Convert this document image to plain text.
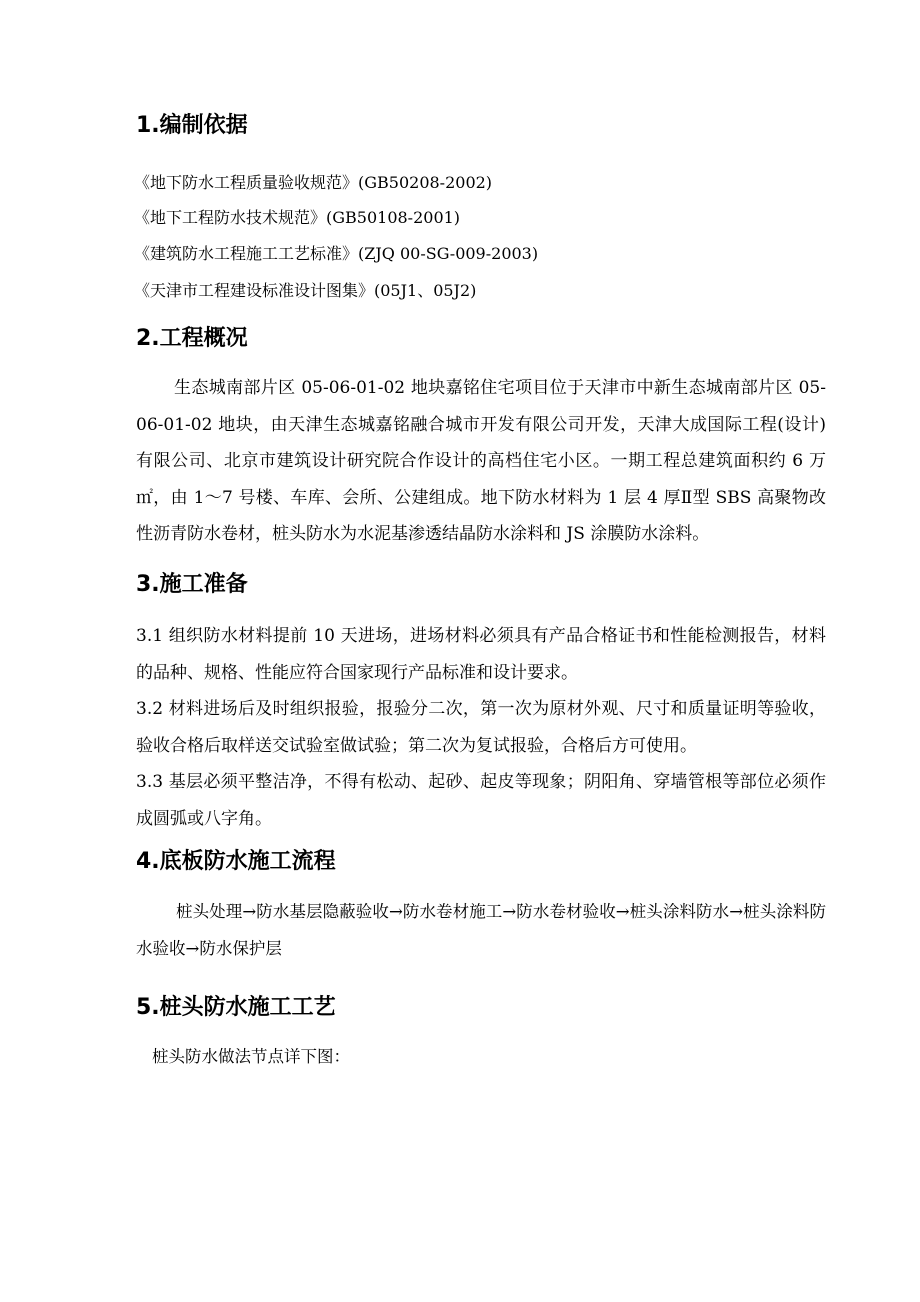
1.编制依据
《地下防水工程质量验收规范》(GB50208-2002)
《地下工程防水技术规范》(GB50108-2001)
《建筑防水工程施工工艺标准》(ZJQ 00-SG-009-2003)
《天津市工程建设标准设计图集》(05J1、05J2)
2.工程概况
生态城南部片区 05-06-01-02 地块嘉铭住宅项目位于天津市中新生态城南部片区 05-06-01-02 地块，由天津生态城嘉铭融合城市开发有限公司开发，天津大成国际工程(设计)有限公司、北京市建筑设计研究院合作设计的高档住宅小区。一期工程总建筑面积约 6 万㎡，由 1～7 号楼、车库、会所、公建组成。地下防水材料为 1 层 4 厚Ⅱ型 SBS 高聚物改性沥青防水卷材，桩头防水为水泥基渗透结晶防水涂料和 JS 涂膜防水涂料。
3.施工准备
3.1 组织防水材料提前 10 天进场，进场材料必须具有产品合格证书和性能检测报告，材料的品种、规格、性能应符合国家现行产品标准和设计要求。
3.2 材料进场后及时组织报验，报验分二次，第一次为原材外观、尺寸和质量证明等验收，验收合格后取样送交试验室做试验；第二次为复试报验，合格后方可使用。
3.3 基层必须平整洁净，不得有松动、起砂、起皮等现象；阴阳角、穿墙管根等部位必须作成圆弧或八字角。
4.底板防水施工流程
桩头处理→防水基层隐蔽验收→防水卷材施工→防水卷材验收→桩头涂料防水→桩头涂料防水验收→防水保护层
5.桩头防水施工工艺
桩头防水做法节点详下图：
